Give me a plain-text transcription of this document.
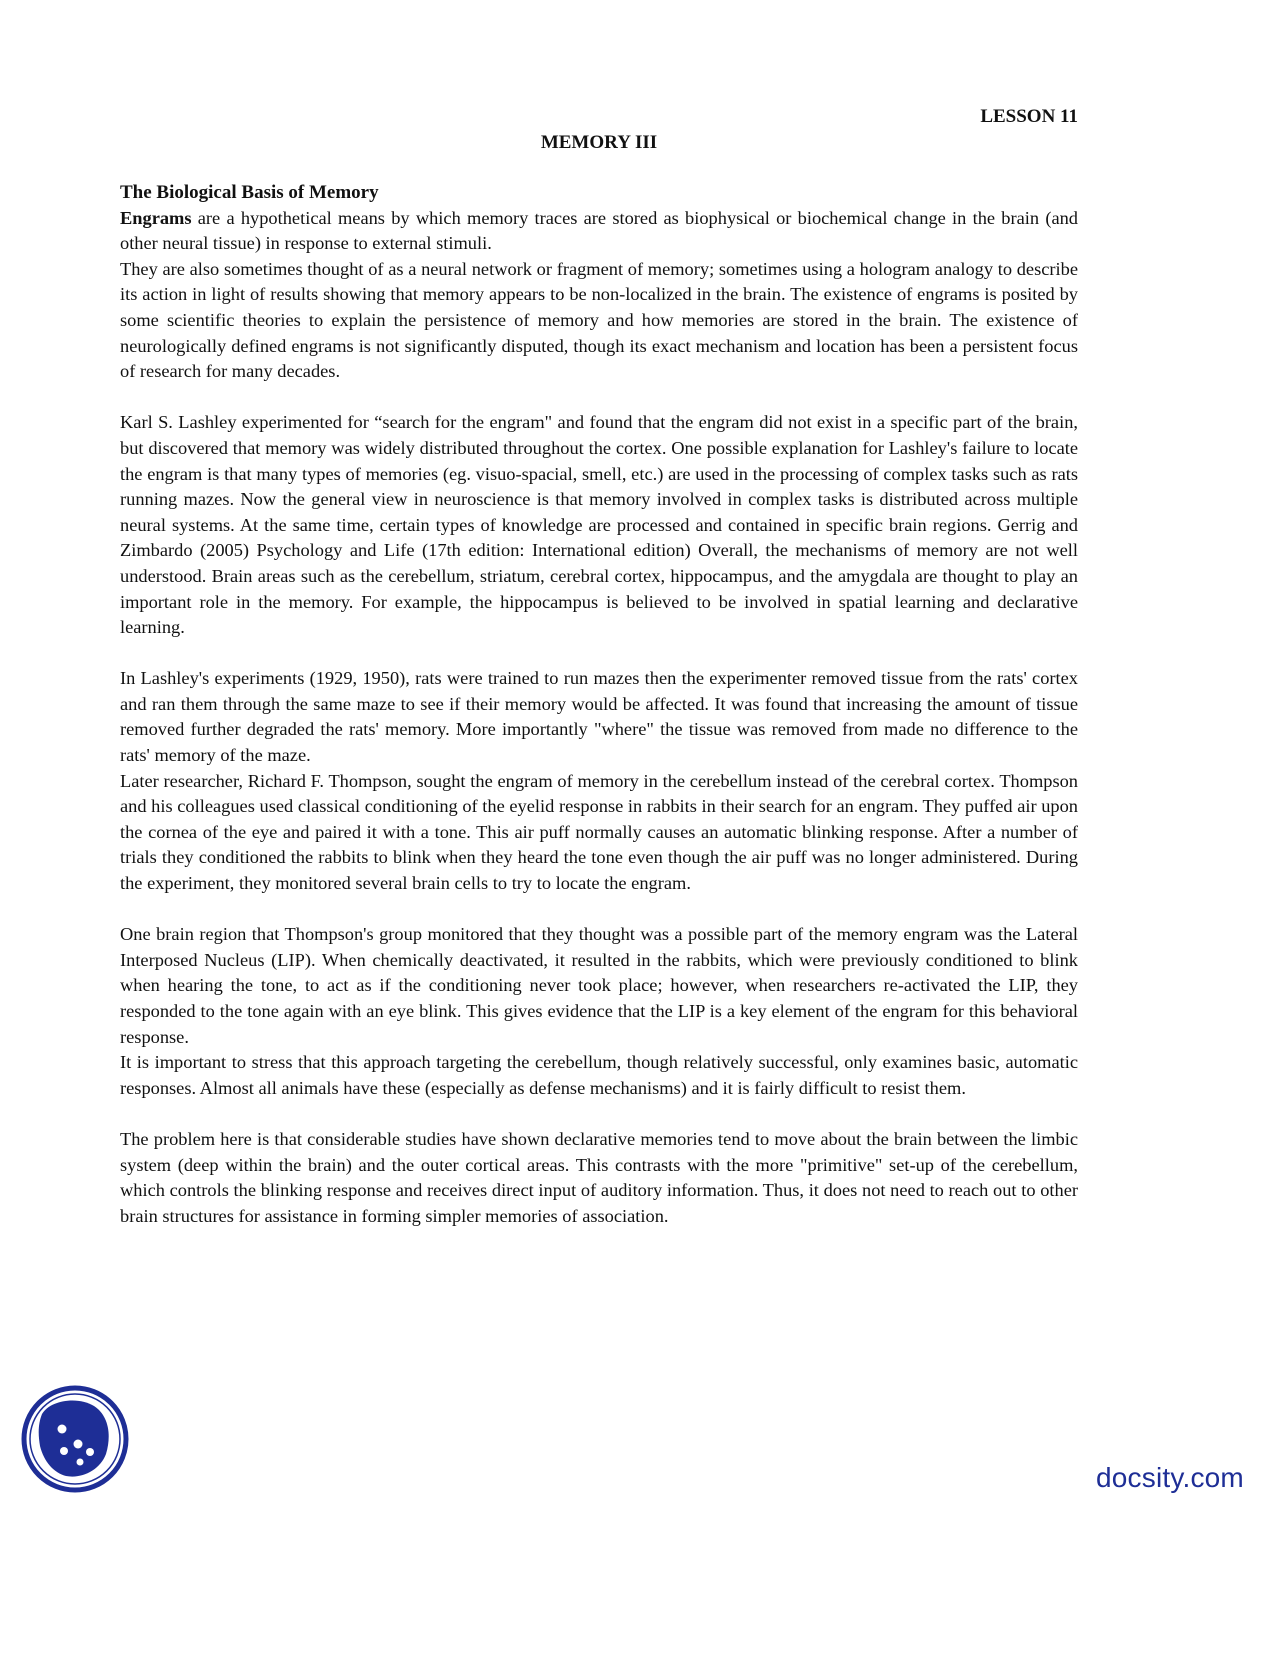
LESSON 11

MEMORY III
The Biological Basis of Memory

Engrams are a hypothetical means by which memory traces are stored as biophysical or biochemical change in the brain (and other neural tissue) in response to external stimuli.

They are also sometimes thought of as a neural network or fragment of memory; sometimes using a hologram analogy to describe its action in light of results showing that memory appears to be non-localized in the brain. The existence of engrams is posited by some scientific theories to explain the persistence of memory and how memories are stored in the brain. The existence of neurologically defined engrams is not significantly disputed, though its exact mechanism and location has been a persistent focus of research for many decades.

Karl S. Lashley experimented for “search for the engram" and found that the engram did not exist in a specific part of the brain, but discovered that memory was widely distributed throughout the cortex. One possible explanation for Lashley's failure to locate the engram is that many types of memories (eg. visuo-spacial, smell, etc.) are used in the processing of complex tasks such as rats running mazes. Now the general view in neuroscience is that memory involved in complex tasks is distributed across multiple neural systems. At the same time, certain types of knowledge are processed and contained in specific brain regions. Gerrig and Zimbardo (2005) Psychology and Life (17th edition: International edition) Overall, the mechanisms of memory are not well understood. Brain areas such as the cerebellum, striatum, cerebral cortex, hippocampus, and the amygdala are thought to play an important role in the memory. For example, the hippocampus is believed to be involved in spatial learning and declarative learning.

In Lashley's experiments (1929, 1950), rats were trained to run mazes then the experimenter removed tissue from the rats' cortex and ran them through the same maze to see if their memory would be affected. It was found that increasing the amount of tissue removed further degraded the rats' memory. More importantly "where" the tissue was removed from made no difference to the rats' memory of the maze.

Later researcher, Richard F. Thompson, sought the engram of memory in the cerebellum instead of the cerebral cortex. Thompson and his colleagues used classical conditioning of the eyelid response in rabbits in their search for an engram. They puffed air upon the cornea of the eye and paired it with a tone. This air puff normally causes an automatic blinking response. After a number of trials they conditioned the rabbits to blink when they heard the tone even though the air puff was no longer administered. During the experiment, they monitored several brain cells to try to locate the engram.

One brain region that Thompson's group monitored that they thought was a possible part of the memory engram was the Lateral Interposed Nucleus (LIP). When chemically deactivated, it resulted in the rabbits, which were previously conditioned to blink when hearing the tone, to act as if the conditioning never took place; however, when researchers re-activated the LIP, they responded to the tone again with an eye blink. This gives evidence that the LIP is a key element of the engram for this behavioral response.

It is important to stress that this approach targeting the cerebellum, though relatively successful, only examines basic, automatic responses. Almost all animals have these (especially as defense mechanisms) and it is fairly difficult to resist them.

The problem here is that considerable studies have shown declarative memories tend to move about the brain between the limbic system (deep within the brain) and the outer cortical areas. This contrasts with the more "primitive" set-up of the cerebellum, which controls the blinking response and receives direct input of auditory information. Thus, it does not need to reach out to other brain structures for assistance in forming simpler memories of association.

docsity.com
